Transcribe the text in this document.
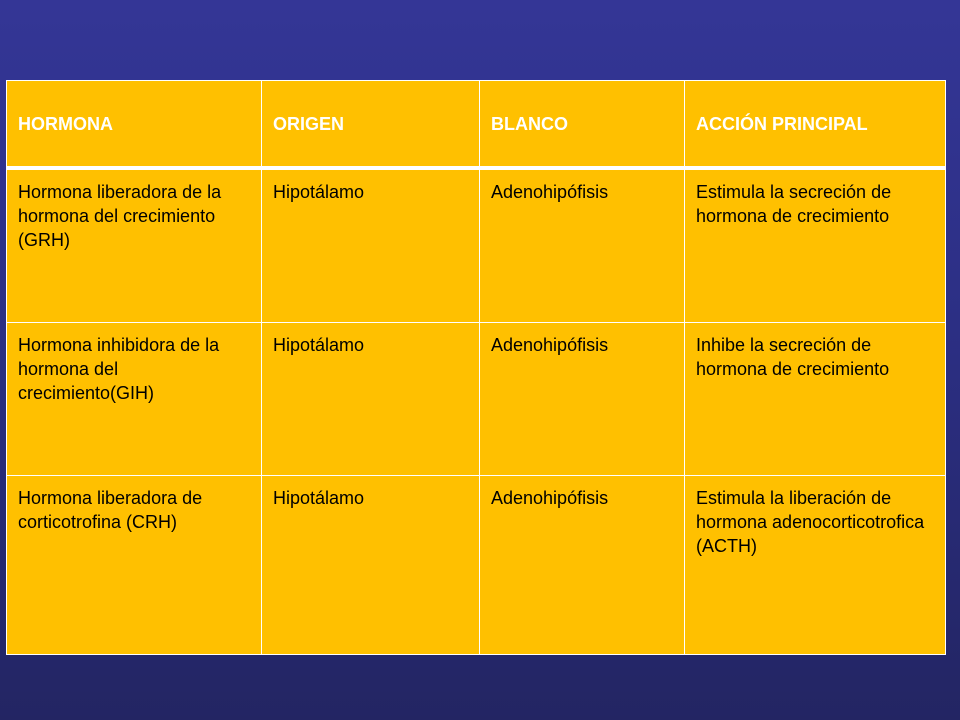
HORMONA	ORIGEN	BLANCO	ACCIÓN PRINCIPAL

Hormona liberadora de la hormona del crecimiento (GRH)	Hipotálamo	Adenohipófisis	Estimula la secreción de hormona de crecimiento

Hormona inhibidora de la hormona del crecimiento(GIH)	Hipotálamo	Adenohipófisis	Inhibe la secreción de hormona de crecimiento

Hormona liberadora de corticotrofina (CRH)	Hipotálamo	Adenohipófisis	Estimula la liberación de hormona adenocorticotrofica (ACTH)
